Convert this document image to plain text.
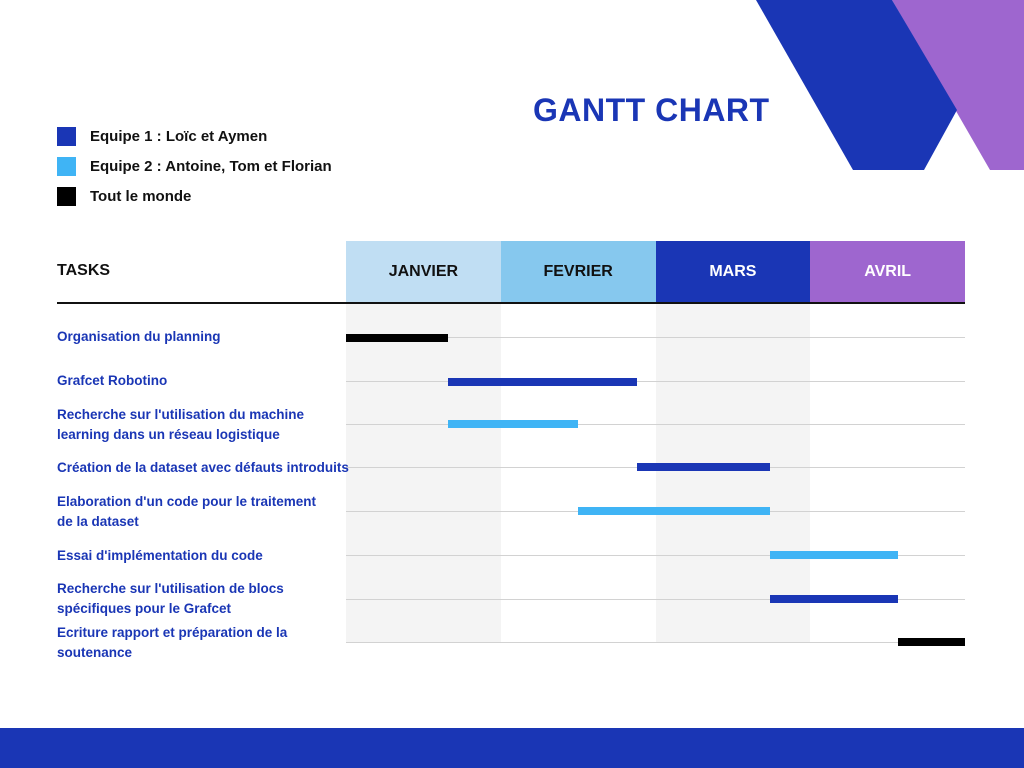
GANTT CHART
Equipe 1 : Loïc et Aymen
Equipe 2 : Antoine, Tom et Florian
Tout le monde
TASKS	JANVIER	FEVRIER	MARS	AVRIL
Organisation du planning
Grafcet Robotino
Recherche sur l'utilisation du machine
learning dans un réseau logistique
Création de la dataset avec défauts introduits
Elaboration d'un code pour le traitement
de la dataset
Essai d'implémentation du code
Recherche sur l'utilisation de blocs
spécifiques pour le Grafcet
Ecriture rapport et préparation de la
soutenance
